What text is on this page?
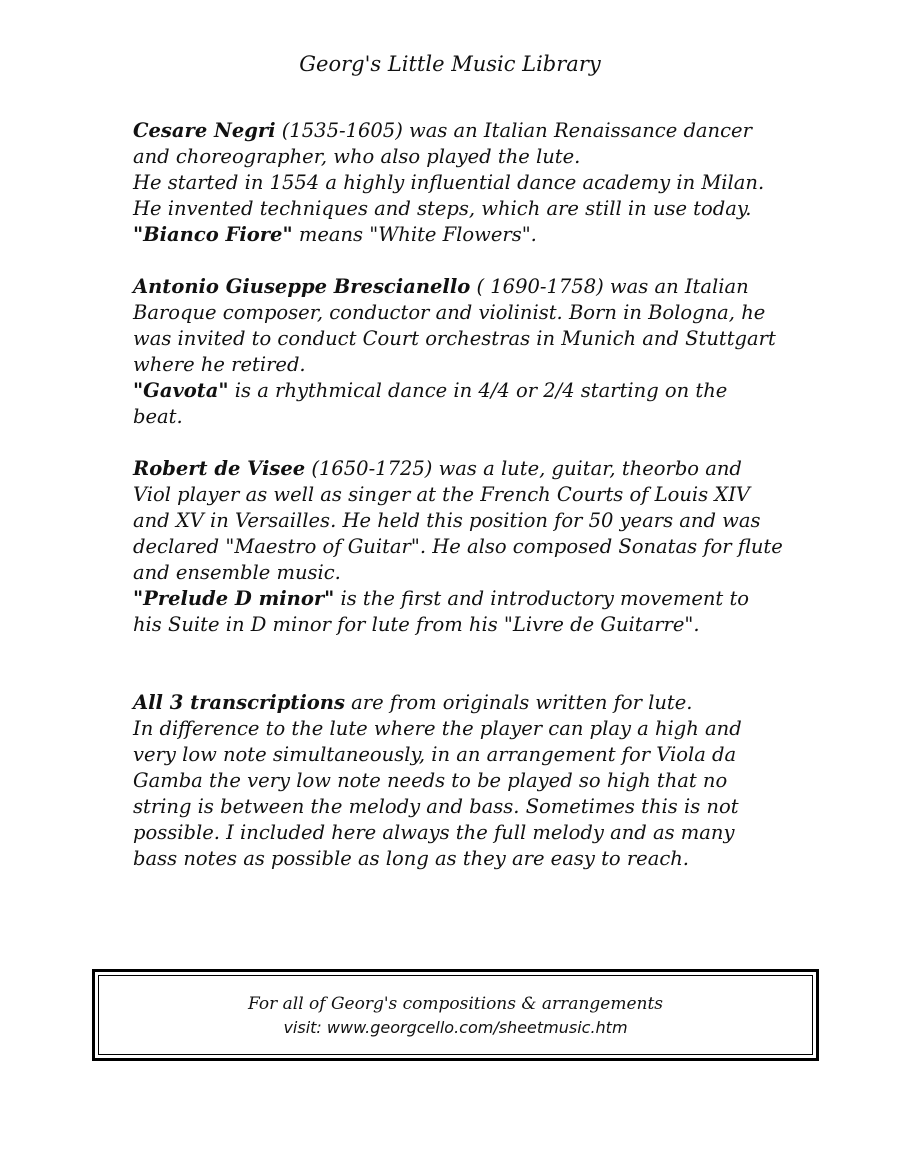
Georg's Little Music Library

Cesare Negri (1535-1605) was an Italian Renaissance dancer and choreographer, who also played the lute.

He started in 1554 a highly influential dance academy in Milan. He invented techniques and steps, which are still in use today.

"Bianco Fiore" means "White Flowers".

Antonio Giuseppe Brescianello ( 1690-1758) was an Italian Baroque composer, conductor and violinist. Born in Bologna, he was invited to conduct Court orchestras in Munich and Stuttgart where he retired.

"Gavota" is a rhythmical dance in 4/4 or 2/4 starting on the beat.

Robert de Visee (1650-1725) was a lute, guitar, theorbo and Viol player as well as singer at the French Courts of Louis XIV and XV in Versailles. He held this position for 50 years and was declared "Maestro of Guitar". He also composed Sonatas for flute and ensemble music.

"Prelude D minor" is the first and introductory movement to his Suite in D minor for lute from his "Livre de Guitarre".

All 3 transcriptions are from originals written for lute.

In difference to the lute where the player can play a high and very low note simultaneously, in an arrangement for Viola da Gamba the very low note needs to be played so high that no string is between the melody and bass. Sometimes this is not possible. I included here always the full melody and as many bass notes as possible as long as they are easy to reach.

For all of Georg's compositions & arrangements
visit: www.georgcello.com/sheetmusic.htm
